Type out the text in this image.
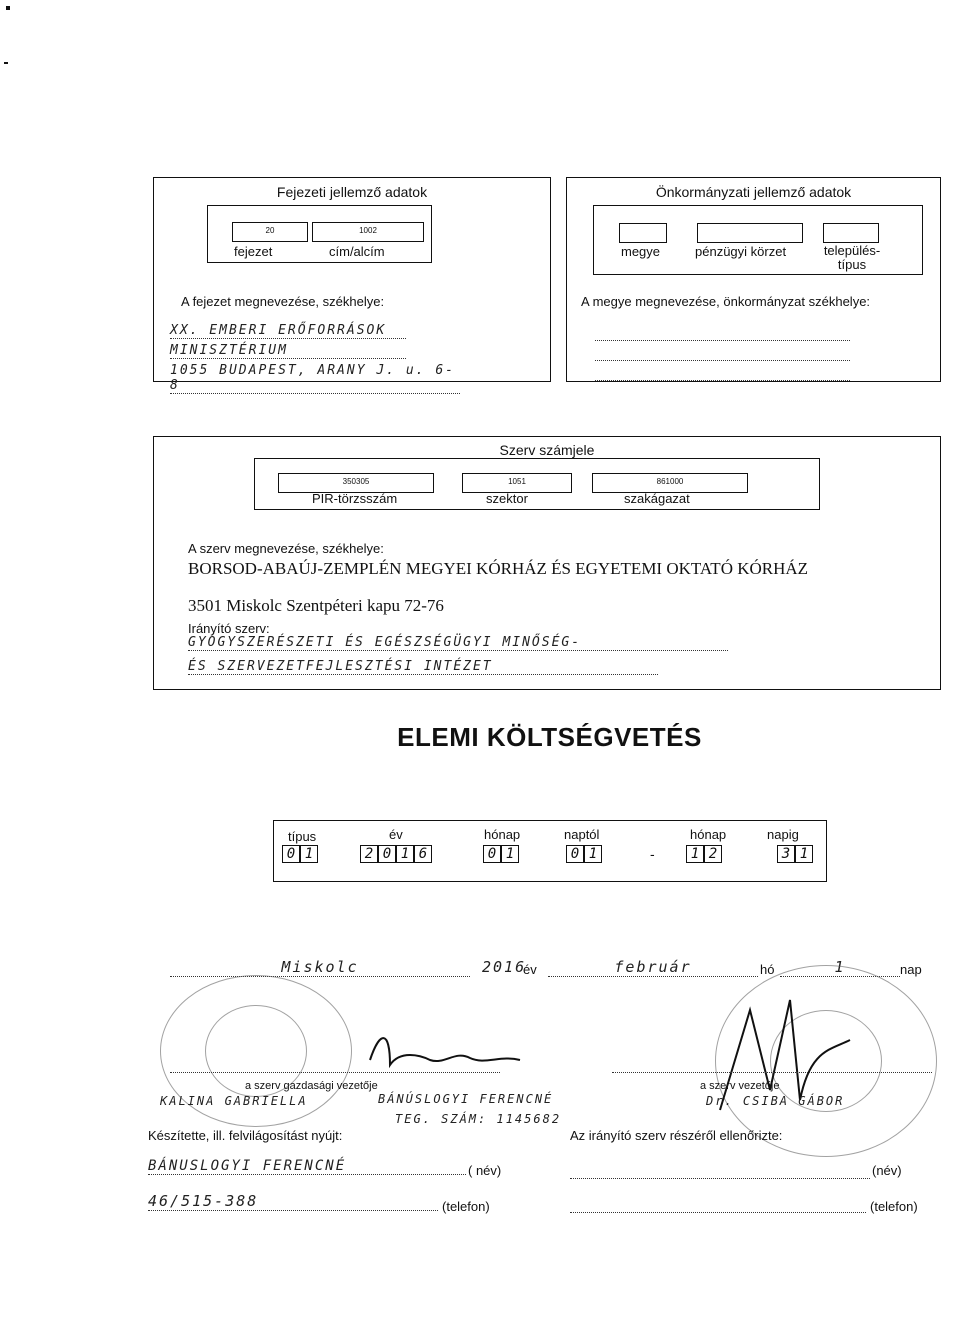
Fejezeti jellemző adatok
20	1002
fejezet	cím/alcím
A fejezet megnevezése, székhelye:
XX. EMBERI ERŐFORRÁSOK
MINISZTÉRIUM
1055 BUDAPEST, ARANY J. u. 6-8
Önkormányzati jellemző adatok
megye	pénzügyi körzet	település-
típus
A megye megnevezése, önkormányzat székhelye:
Szerv számjele
350305	1051	861000
PIR-törzsszám	szektor	szakágazat
A szerv megnevezése, székhelye:
BORSOD-ABAÚJ-ZEMPLÉN MEGYEI KÓRHÁZ ÉS EGYETEMI OKTATÓ KÓRHÁZ
3501 Miskolc Szentpéteri kapu 72-76
Irányító szerv:
GYÓGYSZERÉSZETI ÉS EGÉSZSÉGÜGYI MINŐSÉG-
ÉS SZERVEZETFEJLESZTÉSI INTÉZET
ELEMI KÖLTSÉGVETÉS
típus	év	hónap	naptól	hónap	napig
0 1	2 0 1 6	0 1	0 1	-	1 2	3 1
Miskolc	2016
év	február	hó	1	nap
a szerv gazdasági vezetője
KALINA GABRIELLA
a szerv vezetője
Dr. CSIBA GÁBOR
BÁNÚSLOGYI FERENCNÉ
TEG. SZÁM: 1145682
Készítette, ill. felvilágosítást nyújt:
BÁNUSLOGYI FERENCNÉ	( név)
46/515-388	(telefon)
Az irányító szerv részéről ellenőrizte:
(név)
(telefon)
